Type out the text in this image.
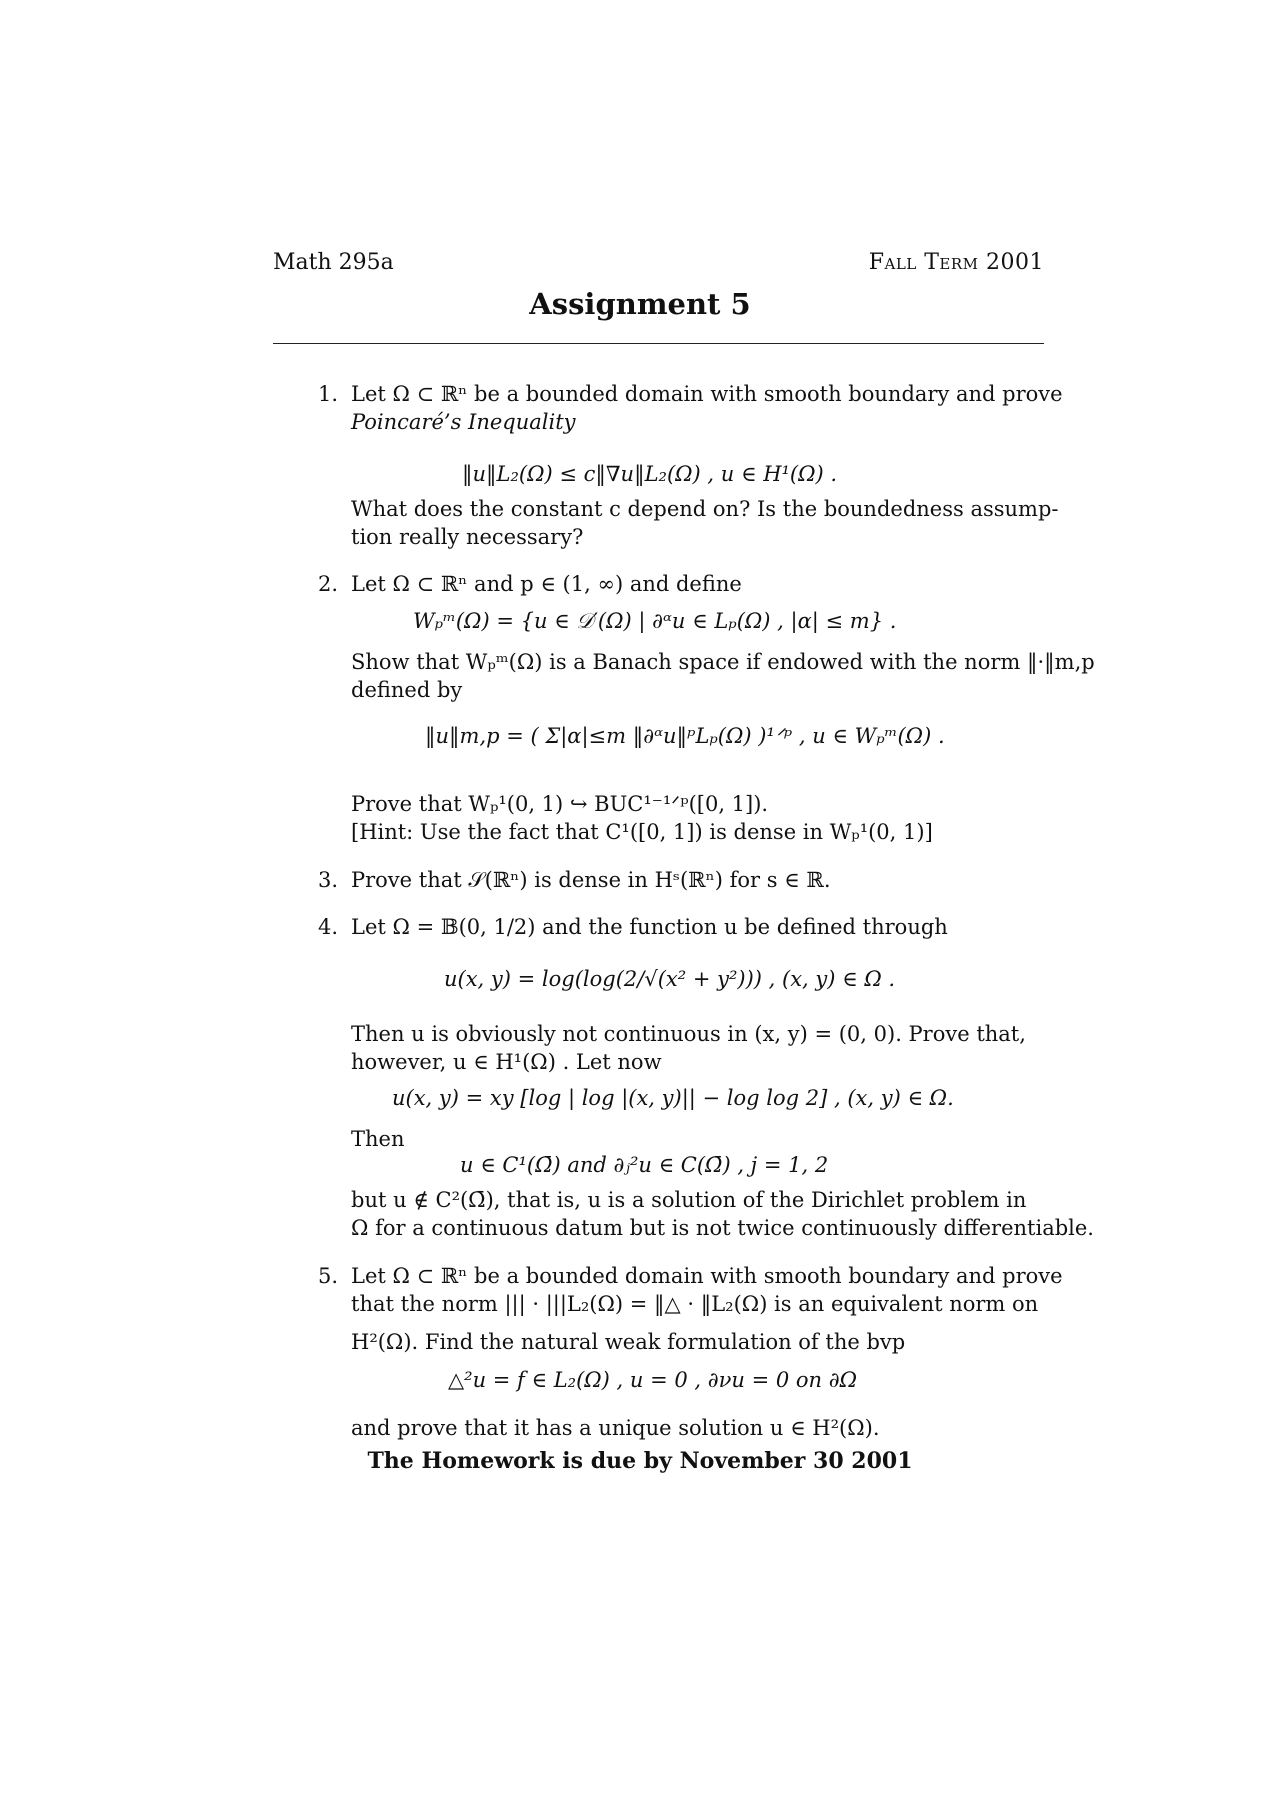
Math 295a	Fall Term 2001
Assignment 5
1. Let Ω ⊂ ℝⁿ be a bounded domain with smooth boundary and prove
Poincaré’s Inequality
‖u‖L₂(Ω) ≤ c‖∇u‖L₂(Ω) , u ∈ H¹(Ω) .
What does the constant c depend on? Is the boundedness assump-
tion really necessary?
2. Let Ω ⊂ ℝⁿ and p ∈ (1, ∞) and define
Wₚᵐ(Ω) = {u ∈ 𝒟′(Ω) | ∂ᵅu ∈ Lₚ(Ω) , |α| ≤ m} .
Show that Wₚᵐ(Ω) is a Banach space if endowed with the norm ‖·‖m,p
defined by
‖u‖m,p = ( Σ|α|≤m ‖∂ᵅu‖ᵖLₚ(Ω) )¹ᐟᵖ , u ∈ Wₚᵐ(Ω) .
Prove that Wₚ¹(0, 1) ↪ BUC¹⁻¹ᐟᵖ([0, 1]).
[Hint: Use the fact that C¹([0, 1]) is dense in Wₚ¹(0, 1)]
3. Prove that 𝒮(ℝⁿ) is dense in Hˢ(ℝⁿ) for s ∈ ℝ.
4. Let Ω = 𝔹(0, 1/2) and the function u be defined through
u(x, y) = log(log(2/√(x² + y²))) , (x, y) ∈ Ω .
Then u is obviously not continuous in (x, y) = (0, 0). Prove that,
however, u ∈ H¹(Ω) . Let now
u(x, y) = xy [log | log |(x, y)|| − log log 2] , (x, y) ∈ Ω.
Then
u ∈ C¹(Ω̄) and ∂ⱼ²u ∈ C(Ω̄) , j = 1, 2
but u ∉ C²(Ω̄), that is, u is a solution of the Dirichlet problem in
Ω for a continuous datum but is not twice continuously differentiable.
5. Let Ω ⊂ ℝⁿ be a bounded domain with smooth boundary and prove
that the norm ||| · |||L₂(Ω) = ‖△ · ‖L₂(Ω) is an equivalent norm on
H²(Ω). Find the natural weak formulation of the bvp
△²u = f ∈ L₂(Ω) , u = 0 , ∂νu = 0 on ∂Ω
and prove that it has a unique solution u ∈ H²(Ω).
The Homework is due by November 30 2001
